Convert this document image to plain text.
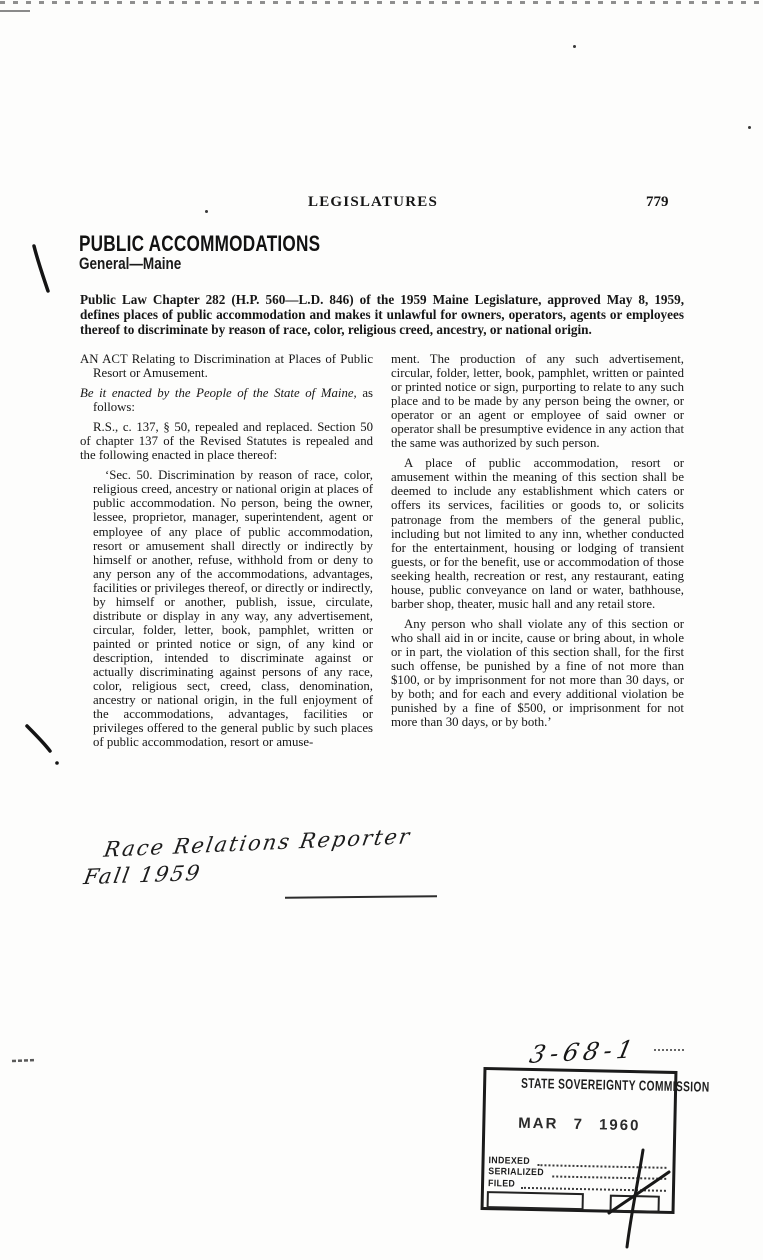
LEGISLATURES	779
PUBLIC ACCOMMODATIONS
General—Maine

Public Law Chapter 282 (H.P. 560—L.D. 846) of the 1959 Maine Legislature, approved May 8, 1959, defines places of public accommodation and makes it unlawful for owners, operators, agents or employees thereof to discriminate by reason of race, color, religious creed, ancestry, or national origin.

AN ACT Relating to Discrimination at Places of Public Resort or Amusement.

Be it enacted by the People of the State of Maine, as follows:

R.S., c. 137, § 50, repealed and replaced. Section 50 of chapter 137 of the Revised Statutes is repealed and the following enacted in place thereof:

‘Sec. 50. Discrimination by reason of race, color, religious creed, ancestry or national origin at places of public accommodation. No person, being the owner, lessee, proprietor, manager, superintendent, agent or employee of any place of public accommodation, resort or amusement shall directly or indirectly by himself or another, refuse, withhold from or deny to any person any of the accommodations, advantages, facilities or privileges thereof, or directly or indirectly, by himself or another, publish, issue, circulate, distribute or display in any way, any advertisement, circular, folder, letter, book, pamphlet, written or painted or printed notice or sign, of any kind or description, intended to discriminate against or actually discriminating against persons of any race, color, religious sect, creed, class, denomination, ancestry or national origin, in the full enjoyment of the accommodations, advantages, facilities or privileges offered to the general public by such places of public accommodation, resort or amuse-

ment. The production of any such advertisement, circular, folder, letter, book, pamphlet, written or painted or printed notice or sign, purporting to relate to any such place and to be made by any person being the owner, or operator or an agent or employee of said owner or operator shall be presumptive evidence in any action that the same was authorized by such person.

A place of public accommodation, resort or amusement within the meaning of this section shall be deemed to include any establishment which caters or offers its services, facilities or goods to, or solicits patronage from the members of the general public, including but not limited to any inn, whether conducted for the entertainment, housing or lodging of transient guests, or for the benefit, use or accommodation of those seeking health, recreation or rest, any restaurant, eating house, public conveyance on land or water, bathhouse, barber shop, theater, music hall and any retail store.

Any person who shall violate any of this section or who shall aid in or incite, cause or bring about, in whole or in part, the violation of this section shall, for the first such offense, be punished by a fine of not more than $100, or by imprisonment for not more than 30 days, or by both; and for each and every additional violation be punished by a fine of $500, or imprisonment for not more than 30 days, or by both.’

Race Relations Reporter
Fall 1959
3-68-1
STATE SOVEREIGNTY COMMISSION
MAR 7 1960
INDEXED
SERIALIZED
FILED
